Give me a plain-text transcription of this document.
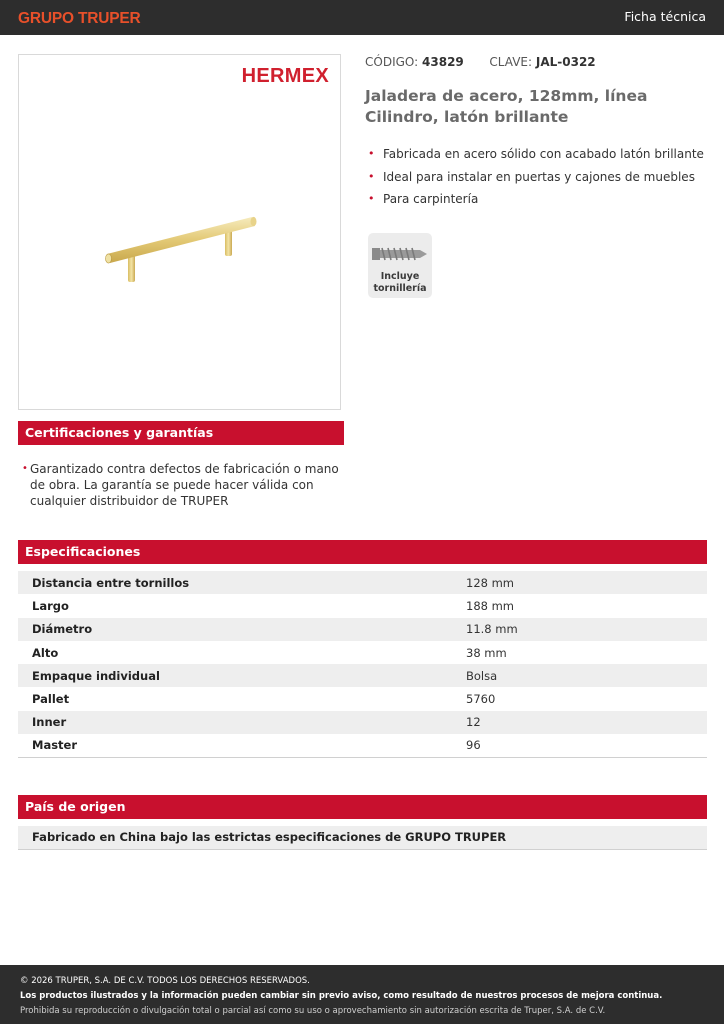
GRUPO TRUPER	Ficha técnica
HERMEX
CÓDIGO: 43829 CLAVE: JAL-0322
Jaladera de acero, 128mm, línea Cilindro, latón brillante
• Fabricada en acero sólido con acabado latón brillante
• Ideal para instalar en puertas y cajones de muebles
• Para carpintería
Incluye
tornillería
Certificaciones y garantías
• Garantizado contra defectos de fabricación o mano de obra. La garantía se puede hacer válida con cualquier distribuidor de TRUPER
Especificaciones
Distancia entre tornillos	128 mm
Largo	188 mm
Diámetro	11.8 mm
Alto	38 mm
Empaque individual	Bolsa
Pallet	5760
Inner	12
Master	96
País de origen
Fabricado en China bajo las estrictas especificaciones de GRUPO TRUPER
© 2026 TRUPER, S.A. DE C.V. TODOS LOS DERECHOS RESERVADOS.
Los productos ilustrados y la información pueden cambiar sin previo aviso, como resultado de nuestros procesos de mejora continua.
Prohibida su reproducción o divulgación total o parcial así como su uso o aprovechamiento sin autorización escrita de Truper, S.A. de C.V.
